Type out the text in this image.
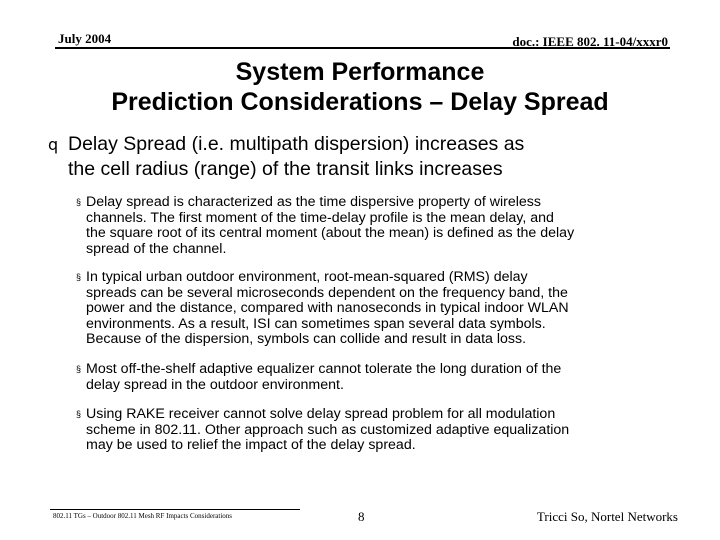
July 2004	doc.: IEEE 802. 11-04/xxxr0
System Performance
Prediction Considerations – Delay Spread
q Delay Spread (i.e. multipath dispersion) increases as
the cell radius (range) of the transit links increases
§ Delay spread is characterized as the time dispersive property of wireless
channels. The first moment of the time-delay profile is the mean delay, and
the square root of its central moment (about the mean) is defined as the delay
spread of the channel.
§ In typical urban outdoor environment, root-mean-squared (RMS) delay
spreads can be several microseconds dependent on the frequency band, the
power and the distance, compared with nanoseconds in typical indoor WLAN
environments. As a result, ISI can sometimes span several data symbols.
Because of the dispersion, symbols can collide and result in data loss.
§ Most off-the-shelf adaptive equalizer cannot tolerate the long duration of the
delay spread in the outdoor environment.
§ Using RAKE receiver cannot solve delay spread problem for all modulation
scheme in 802.11. Other approach such as customized adaptive equalization
may be used to relief the impact of the delay spread.
802.11 TGs – Outdoor 802.11 Mesh RF Impacts Considerations	8	Tricci So, Nortel Networks
